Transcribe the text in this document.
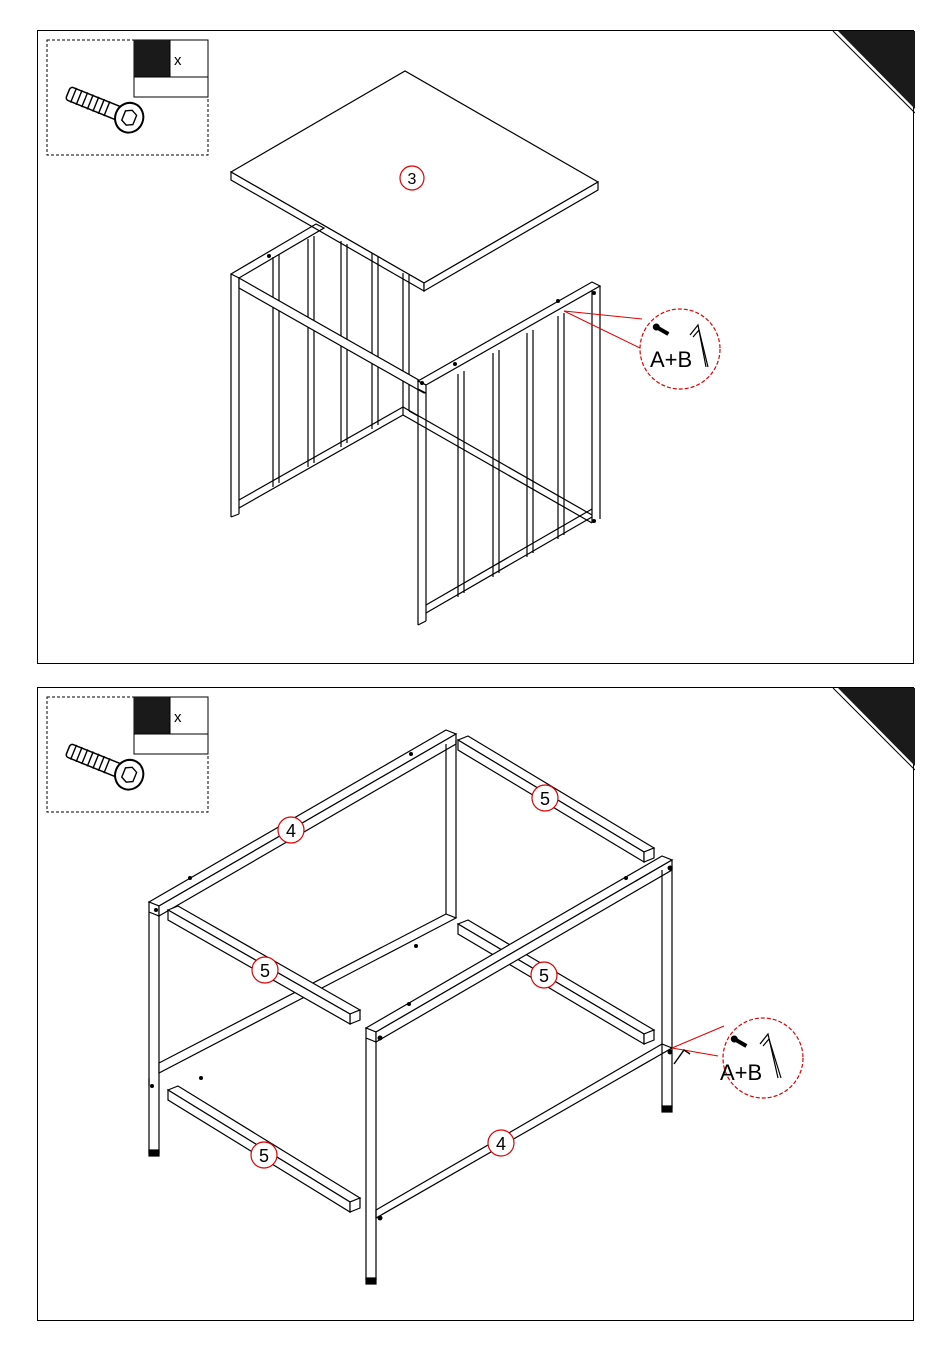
x
A+B
3
x
A+B
4
5
5	5
5
4
